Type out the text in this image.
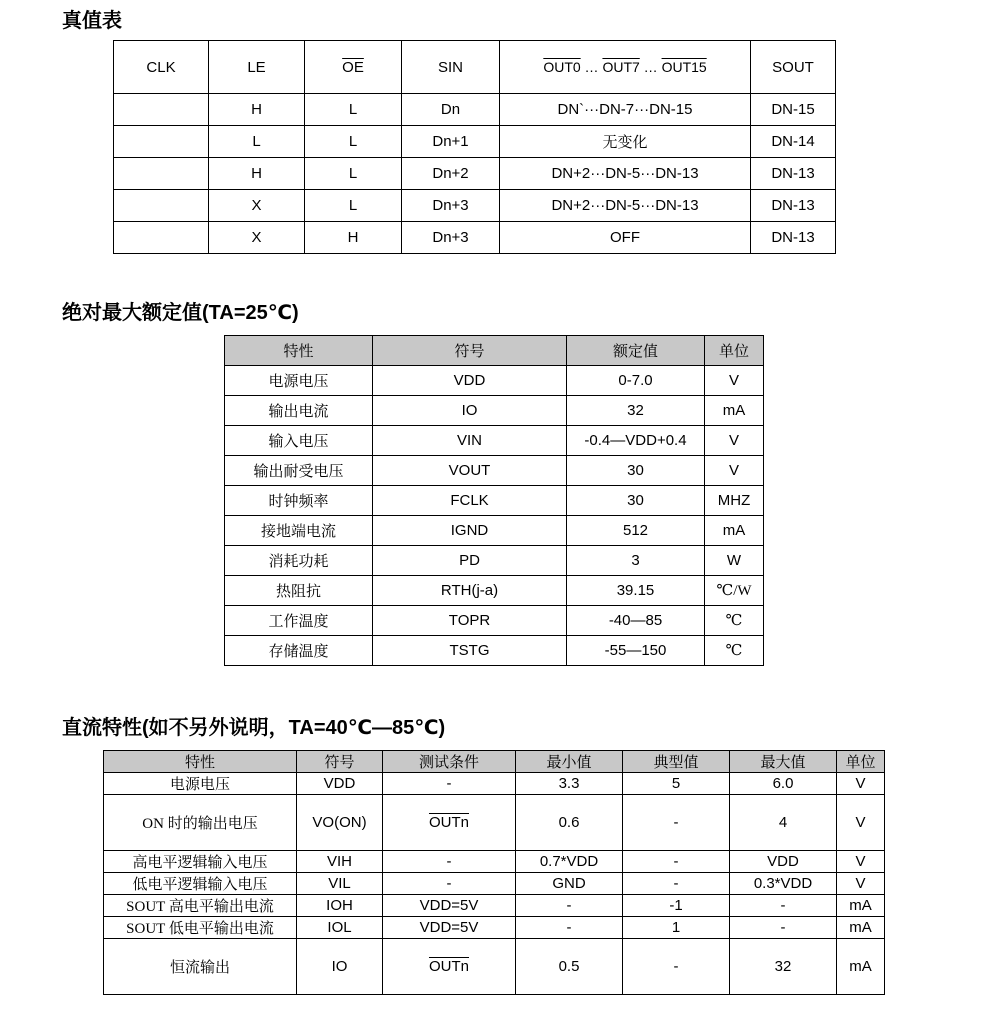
真值表
CLK	LE	$\overline{OE}$	SIN	OUT0 … OUT7 … OUT15	SOUT
	H	L	Dn	DN`···DN-7···DN-15	DN-15
	L	L	Dn+1	无变化	DN-14
	H	L	Dn+2	DN+2···DN-5···DN-13	DN-13
	X	L	Dn+3	DN+2···DN-5···DN-13	DN-13
	X	H	Dn+3	OFF	DN-13
绝对最大额定值(TA=25℃)
特性	符号	额定值	单位
电源电压	VDD	0-7.0	V
输出电流	IO	32	mA
输入电压	VIN	-0.4—VDD+0.4	V
输出耐受电压	VOUT	30	V
时钟频率	FCLK	30	MHZ
接地端电流	IGND	512	mA
消耗功耗	PD	3	W
热阻抗	RTH(j-a)	39.15	℃/W
工作温度	TOPR	-40—85	℃
存储温度	TSTG	-55—150	℃
直流特性(如不另外说明，TA=40℃—85℃)
特性	符号	测试条件	最小值	典型值	最大值	单位
电源电压	VDD	-	3.3	5	6.0	V
ON 时的输出电压	VO(ON)	OUTn	0.6	-	4	V
高电平逻辑输入电压	VIH	-	0.7*VDD	-	VDD	V
低电平逻辑输入电压	VIL	-	GND	-	0.3*VDD	V
SOUT 高电平输出电流	IOH	VDD=5V	-	-1	-	mA
SOUT 低电平输出电流	IOL	VDD=5V	-	1	-	mA
恒流输出	IO	OUTn	0.5	-	32	mA
